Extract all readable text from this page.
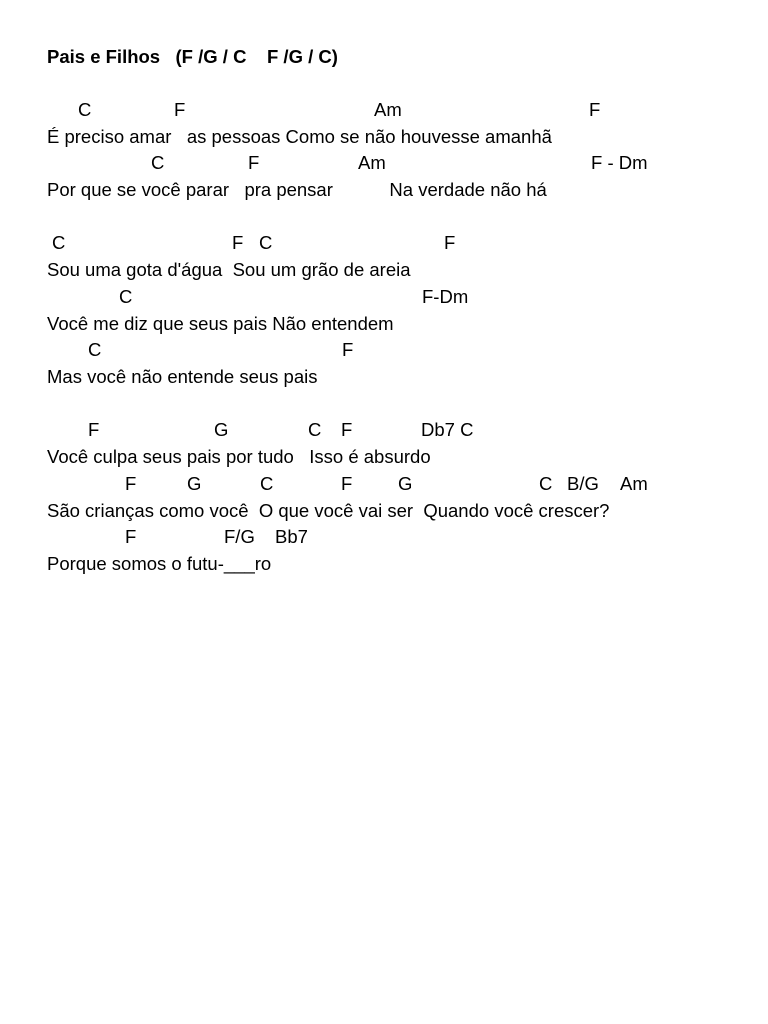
Pais e Filhos   (F /G / C    F /G / C)
C	F	Am	F
É preciso amar   as pessoas Como se não houvesse amanhã
C	F	Am	F - Dm
Por que se você parar   pra pensar           Na verdade não há
C	F C	F
Sou uma gota d'água  Sou um grão de areia
C	F-Dm
Você me diz que seus pais Não entendem
C	F
Mas você não entende seus pais
F	G	C F	Db7 C
Você culpa seus pais por tudo   Isso é absurdo
F	G	C	F G	C B/G Am
São crianças como você  O que você vai ser  Quando você crescer?
F	F/G Bb7
Porque somos o futu-___ro
